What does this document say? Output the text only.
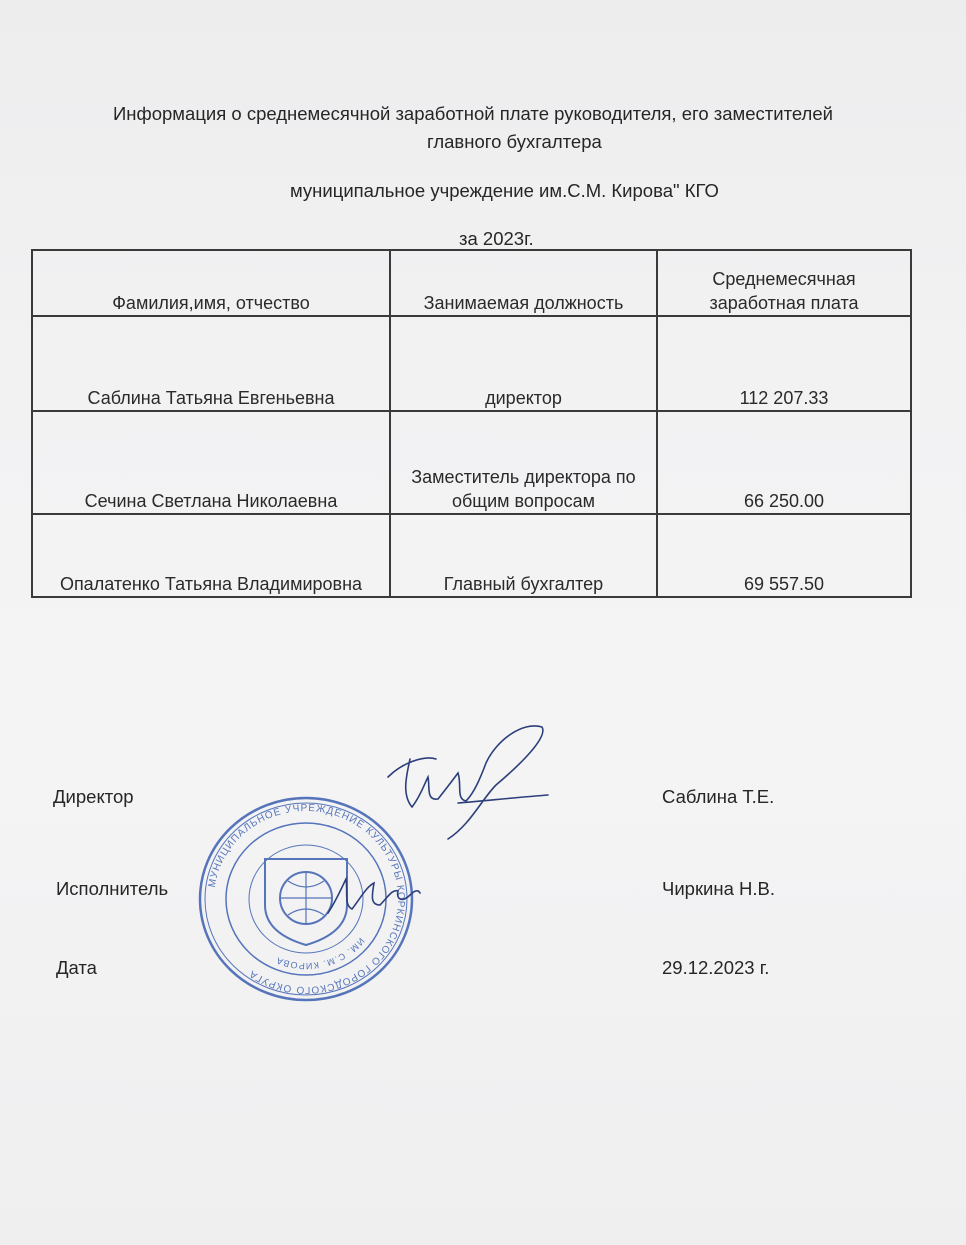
Информация о среднемесячной заработной плате руководителя, его заместителей
главного бухгалтера
муниципальное учреждение им.С.М. Кирова" КГО
за 2023г.
Фамилия,имя, отчество	Занимаемая должность	Среднемесячная заработная плата
Саблина Татьяна Евгеньевна	директор	112 207.33
Сечина Светлана Николаевна	Заместитель директора по общим вопросам	66 250.00
Опалатенко Татьяна Владимировна	Главный бухгалтер	69 557.50
Директор	Саблина Т.Е.
Исполнитель	Чиркина Н.В.
Дата	29.12.2023 г.
МУНИЦИПАЛЬНОЕ УЧРЕЖДЕНИЕ КУЛЬТУРЫ КОРКИНСКОГО ГОРОДСКОГО ОКРУГА
ИМ. С.М. КИРОВА
